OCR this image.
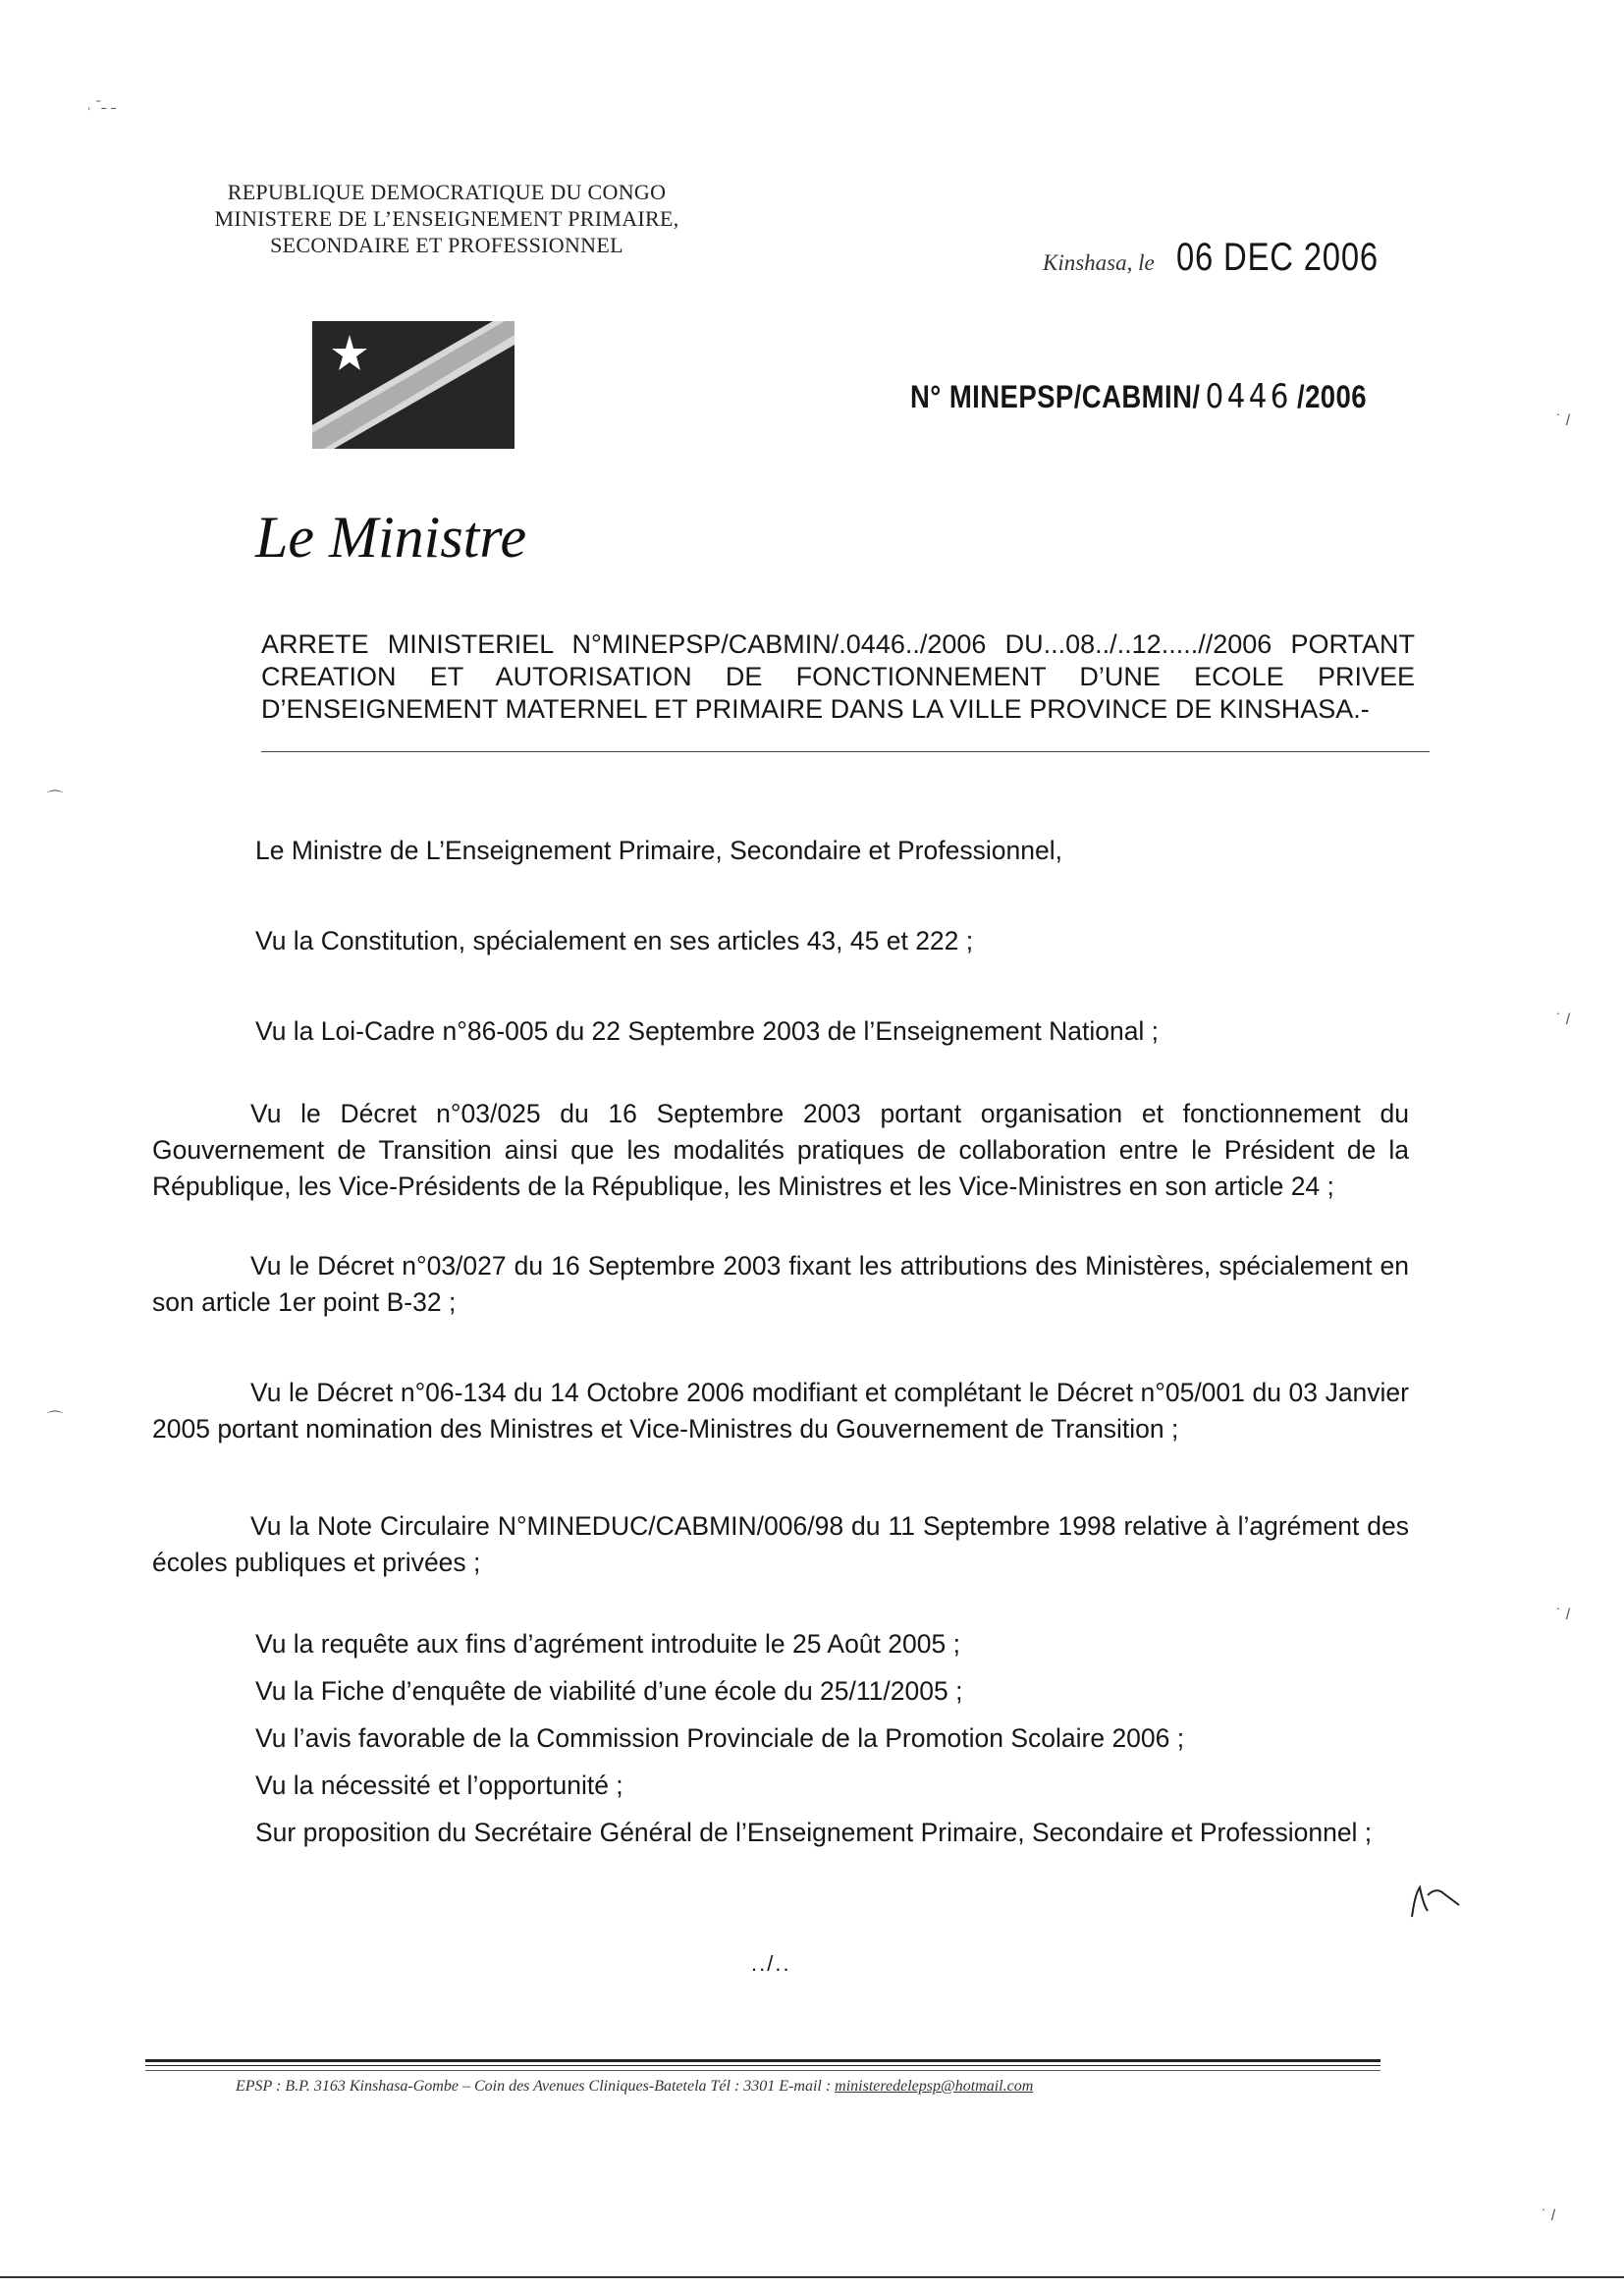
REPUBLIQUE DEMOCRATIQUE DU CONGO
MINISTERE DE L’ENSEIGNEMENT PRIMAIRE,
SECONDAIRE ET PROFESSIONNEL
Kinshasa, le 06 DEC 2006
N° MINEPSP/CABMIN/ 0446 /2006
Le Ministre
ARRETE MINISTERIEL N°MINEPSP/CABMIN/.0446../2006 DU...08../..12.....//2006 PORTANT
CREATION ET AUTORISATION DE FONCTIONNEMENT D’UNE ECOLE PRIVEE
D’ENSEIGNEMENT MATERNEL ET PRIMAIRE DANS LA VILLE PROVINCE DE KINSHASA.-
Le Ministre de L’Enseignement Primaire, Secondaire et Professionnel,
Vu la Constitution, spécialement en ses articles 43, 45 et 222 ;
Vu la Loi-Cadre n°86-005 du 22 Septembre 2003 de l’Enseignement National ;
Vu le Décret n°03/025 du 16 Septembre 2003 portant organisation et fonctionnement du Gouvernement de Transition ainsi que les modalités pratiques de collaboration entre le Président de la République, les Vice-Présidents de la République, les Ministres et les Vice-Ministres en son article 24 ;
Vu le Décret n°03/027 du 16 Septembre 2003 fixant les attributions des Ministères, spécialement en son article 1er point B-32 ;
Vu le Décret n°06-134 du 14 Octobre 2006 modifiant et complétant le Décret n°05/001 du 03 Janvier 2005 portant nomination des Ministres et Vice-Ministres du Gouvernement de Transition ;
Vu la Note Circulaire N°MINEDUC/CABMIN/006/98 du 11 Septembre 1998 relative à l’agrément des écoles publiques et privées ;
Vu la requête aux fins d’agrément introduite le 25 Août 2005 ;
Vu la Fiche d’enquête de viabilité d’une école du 25/11/2005 ;
Vu l’avis favorable de la Commission Provinciale de la Promotion Scolaire 2006 ;
Vu la nécessité et l’opportunité ;
Sur proposition du Secrétaire Général de l’Enseignement Primaire, Secondaire et Professionnel ;
../..
EPSP : B.P. 3163 Kinshasa-Gombe – Coin des Avenues Cliniques-Batetela Tél : 3301 E-mail : ministeredelepsp@hotmail.com
˒ ˉ˗ ˗
⌒
⌒
˙ /
˙ /
˙ /
˙ /
